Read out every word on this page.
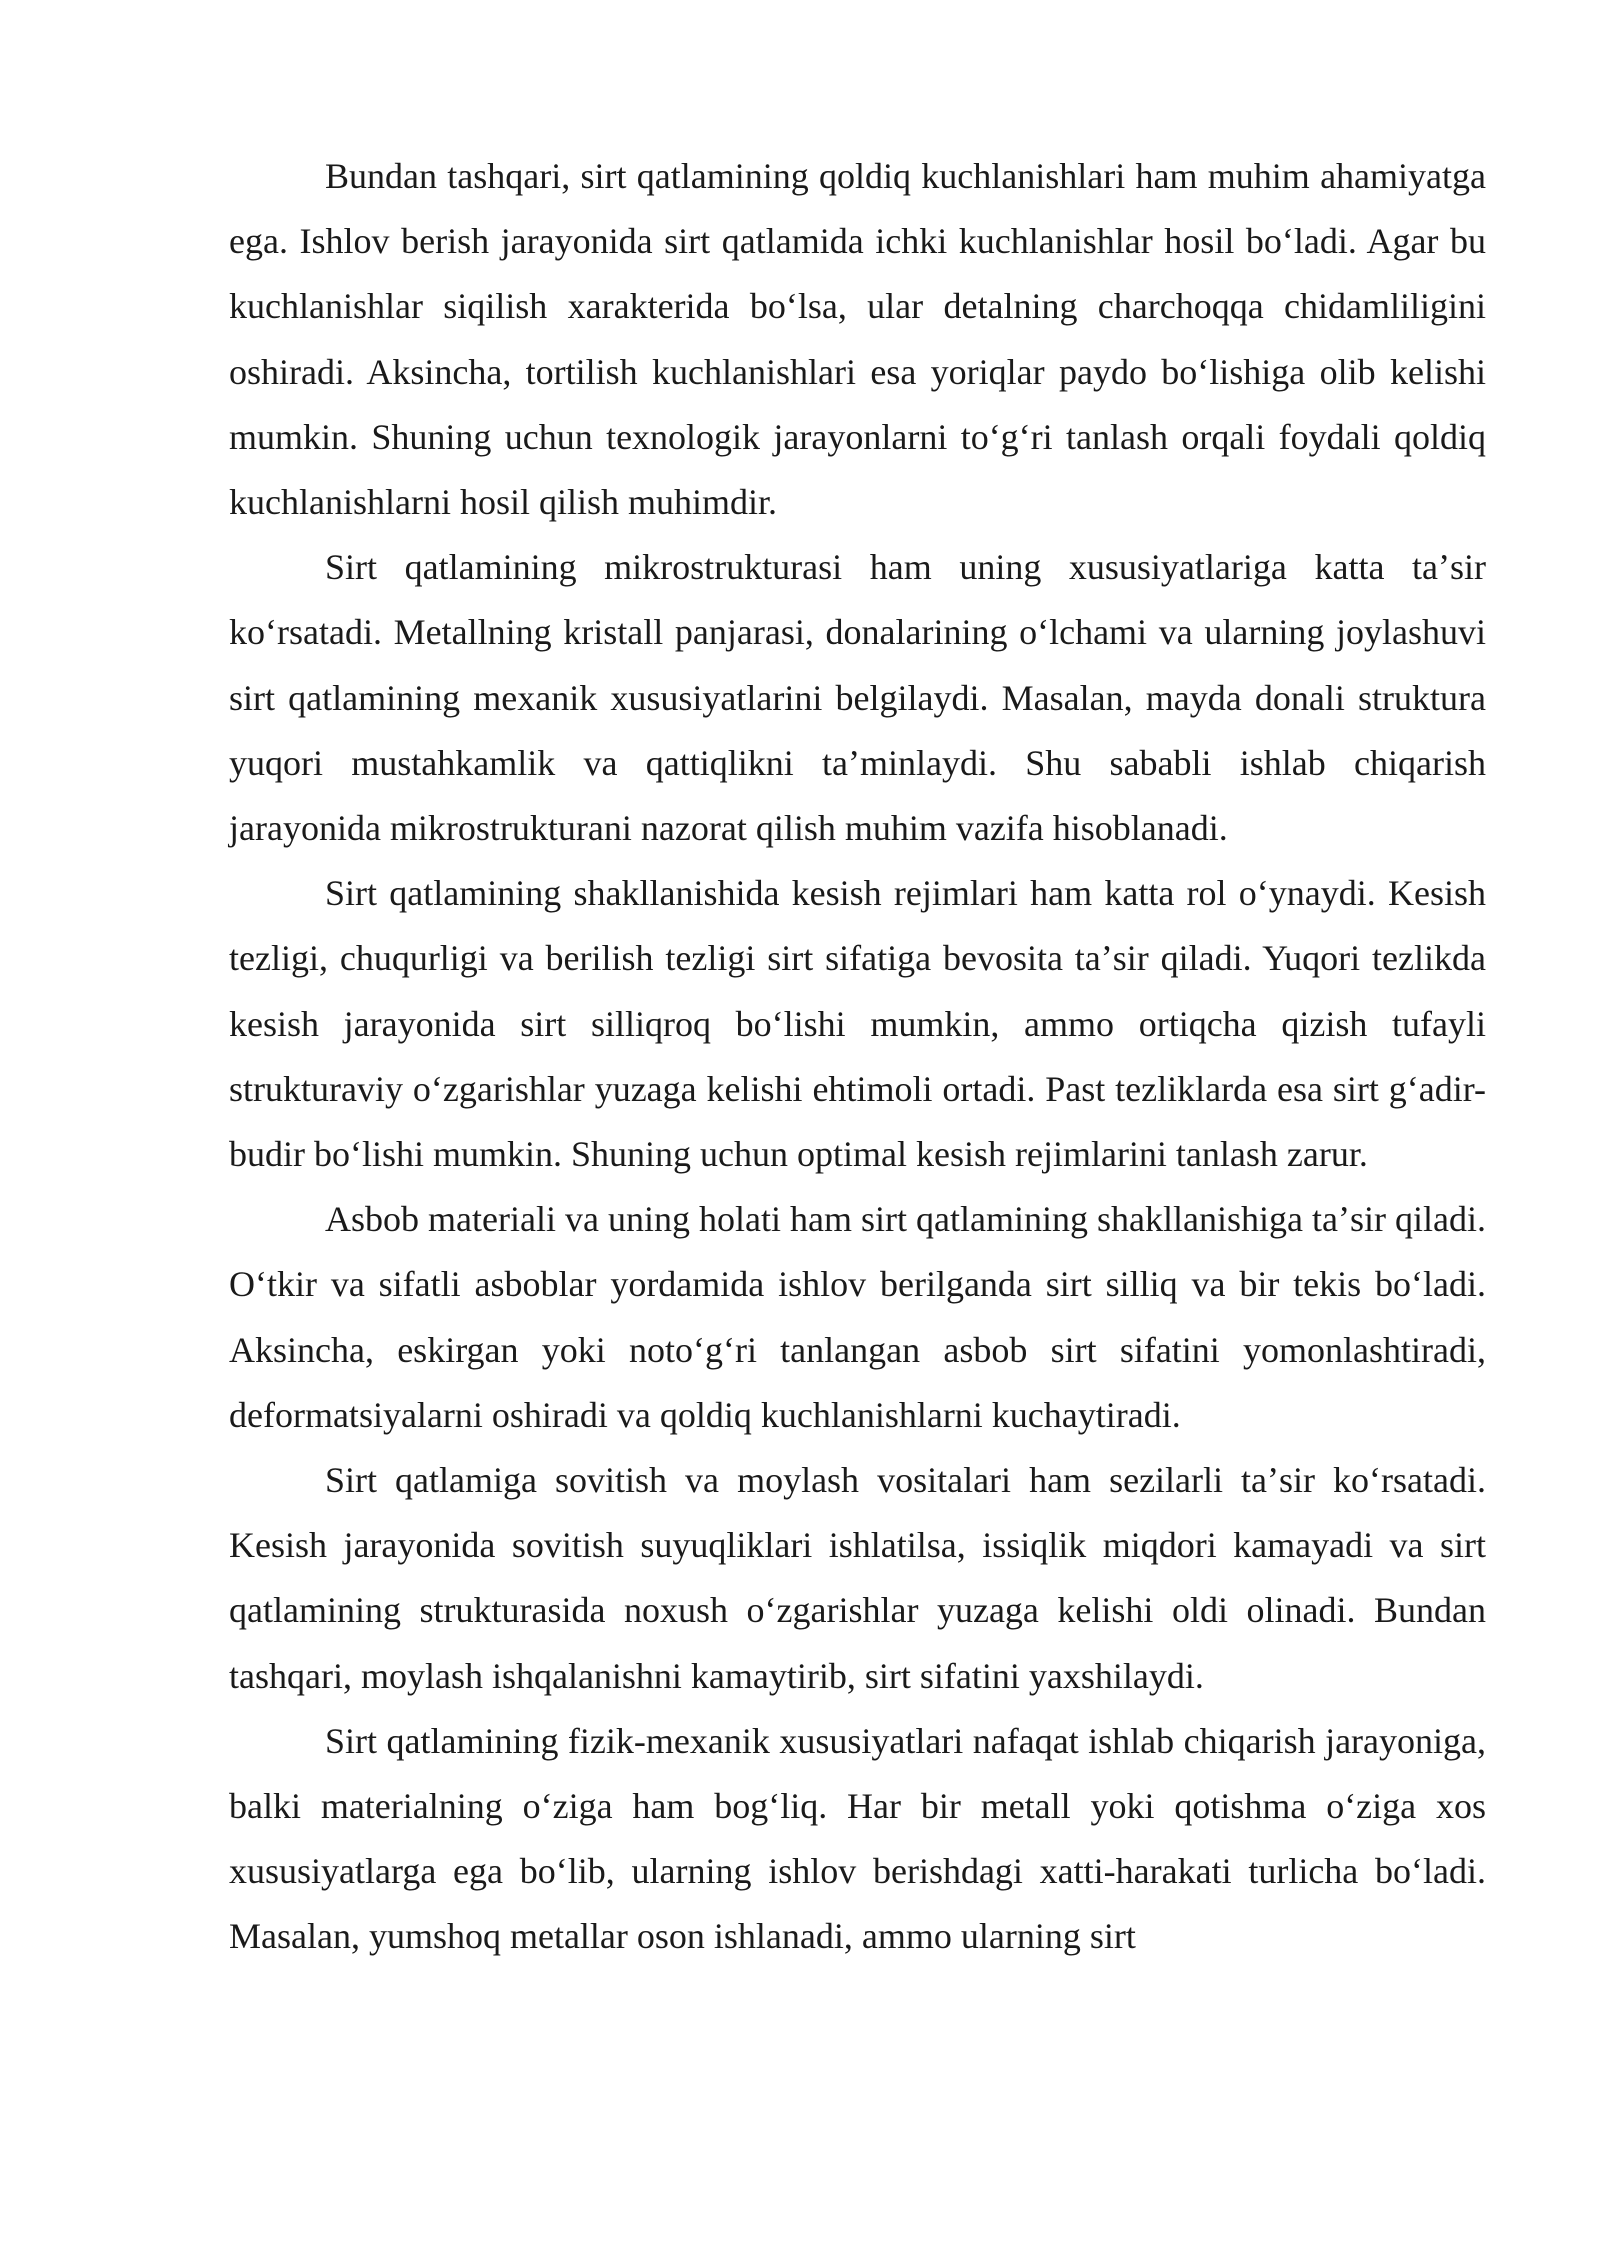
Bundan tashqari, sirt qatlamining qoldiq kuchlanishlari ham muhim ahamiyatga ega. Ishlov berish jarayonida sirt qatlamida ichki kuchlanishlar hosil boʻladi. Agar bu kuchlanishlar siqilish xarakterida boʻlsa, ular detalning charchoqqa chidamliligini oshiradi. Aksincha, tortilish kuchlanishlari esa yoriqlar paydo boʻlishiga olib kelishi mumkin. Shuning uchun texnologik jarayonlarni toʻgʻri tanlash orqali foydali qoldiq kuchlanishlarni hosil qilish muhimdir.

Sirt qatlamining mikrostrukturasi ham uning xususiyatlariga katta taʼsir koʻrsatadi. Metallning kristall panjarasi, donalarining oʻlchami va ularning joylashuvi sirt qatlamining mexanik xususiyatlarini belgilaydi. Masalan, mayda donali struktura yuqori mustahkamlik va qattiqlikni taʼminlaydi. Shu sababli ishlab chiqarish jarayonida mikrostrukturani nazorat qilish muhim vazifa hisoblanadi.

Sirt qatlamining shakllanishida kesish rejimlari ham katta rol oʻynaydi. Kesish tezligi, chuqurligi va berilish tezligi sirt sifatiga bevosita taʼsir qiladi. Yuqori tezlikda kesish jarayonida sirt silliqroq boʻlishi mumkin, ammo ortiqcha qizish tufayli strukturaviy oʻzgarishlar yuzaga kelishi ehtimoli ortadi. Past tezliklarda esa sirt gʻadir-budir boʻlishi mumkin. Shuning uchun optimal kesish rejimlarini tanlash zarur.

Asbob materiali va uning holati ham sirt qatlamining shakllanishiga taʼsir qiladi. Oʻtkir va sifatli asboblar yordamida ishlov berilganda sirt silliq va bir tekis boʻladi. Aksincha, eskirgan yoki notoʻgʻri tanlangan asbob sirt sifatini yomonlashtiradi, deformatsiyalarni oshiradi va qoldiq kuchlanishlarni kuchaytiradi.

Sirt qatlamiga sovitish va moylash vositalari ham sezilarli taʼsir koʻrsatadi. Kesish jarayonida sovitish suyuqliklari ishlatilsa, issiqlik miqdori kamayadi va sirt qatlamining strukturasida noxush oʻzgarishlar yuzaga kelishi oldi olinadi. Bundan tashqari, moylash ishqalanishni kamaytirib, sirt sifatini yaxshilaydi.

Sirt qatlamining fizik-mexanik xususiyatlari nafaqat ishlab chiqarish jarayoniga, balki materialning oʻziga ham bogʻliq. Har bir metall yoki qotishma oʻziga xos xususiyatlarga ega boʻlib, ularning ishlov berishdagi xatti-harakati turlicha boʻladi. Masalan, yumshoq metallar oson ishlanadi, ammo ularning sirt
